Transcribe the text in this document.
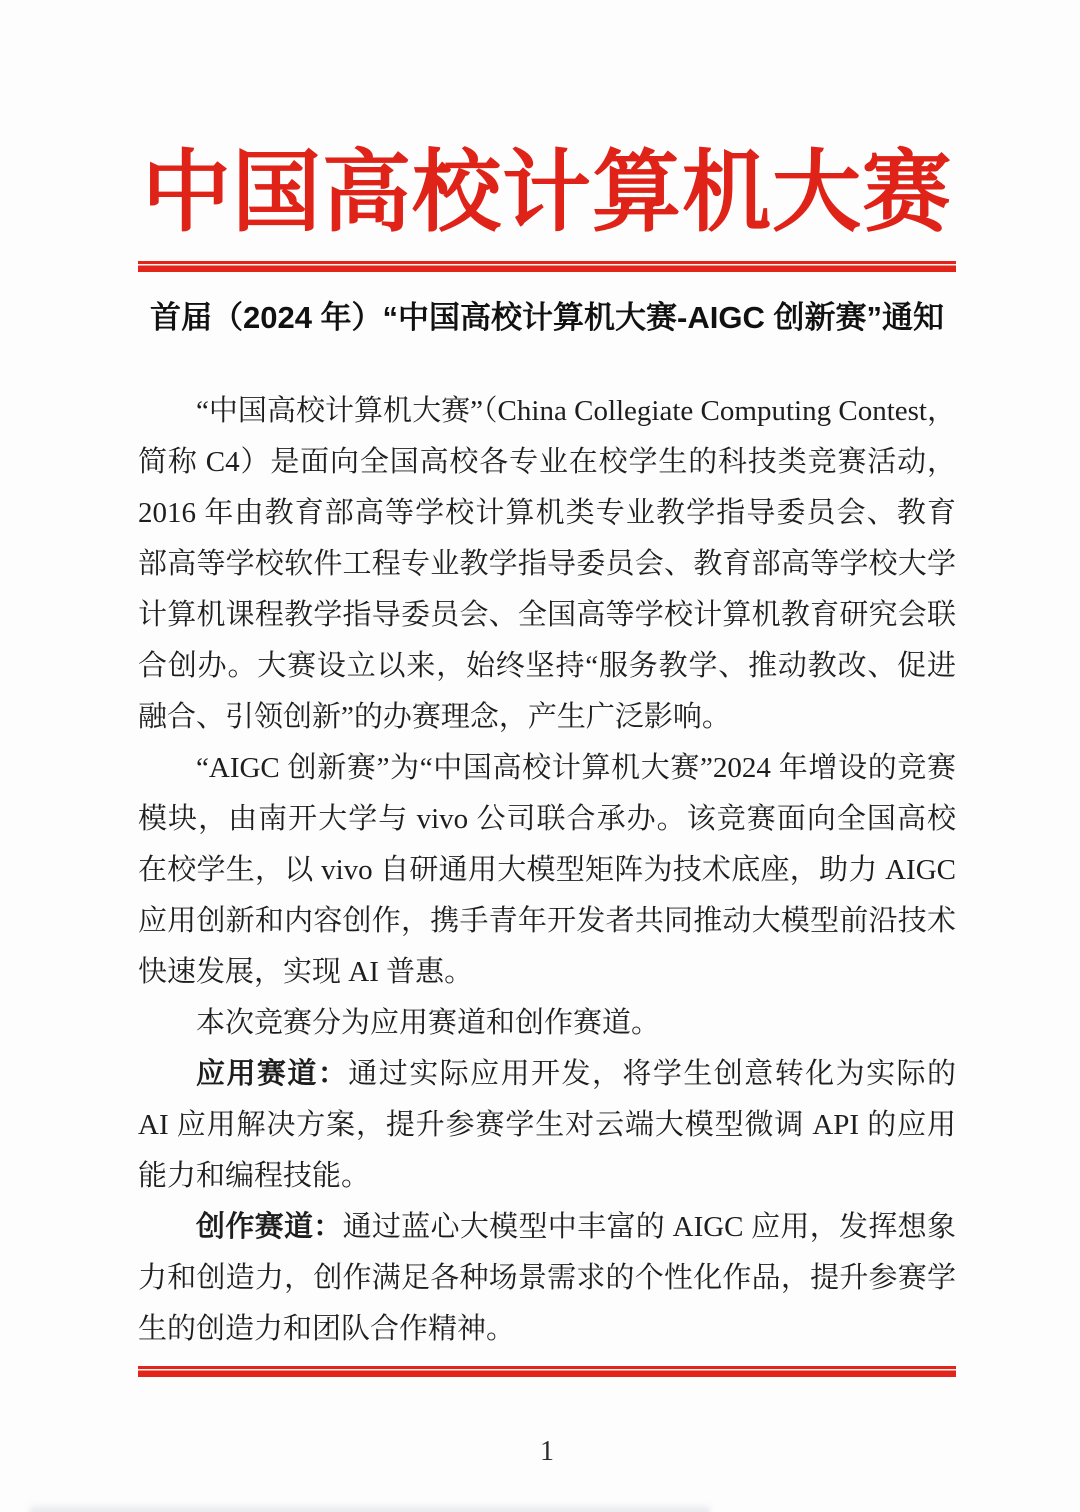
中国高校计算机大赛
首届（2024 年）“中国高校计算机大赛-AIGC 创新赛”通知

“中国高校计算机大赛”（China Collegiate Computing Contest，简称 C4）是面向全国高校各专业在校学生的科技类竞赛活动，2016 年由教育部高等学校计算机类专业教学指导委员会、教育部高等学校软件工程专业教学指导委员会、教育部高等学校大学计算机课程教学指导委员会、全国高等学校计算机教育研究会联合创办。大赛设立以来，始终坚持“服务教学、推动教改、促进融合、引领创新”的办赛理念，产生广泛影响。

“AIGC 创新赛”为“中国高校计算机大赛”2024 年增设的竞赛模块，由南开大学与 vivo 公司联合承办。该竞赛面向全国高校在校学生，以 vivo 自研通用大模型矩阵为技术底座，助力 AIGC 应用创新和内容创作，携手青年开发者共同推动大模型前沿技术快速发展，实现 AI 普惠。

本次竞赛分为应用赛道和创作赛道。

应用赛道：通过实际应用开发，将学生创意转化为实际的 AI 应用解决方案，提升参赛学生对云端大模型微调 API 的应用能力和编程技能。

创作赛道：通过蓝心大模型中丰富的 AIGC 应用，发挥想象力和创造力，创作满足各种场景需求的个性化作品，提升参赛学生的创造力和团队合作精神。

1
